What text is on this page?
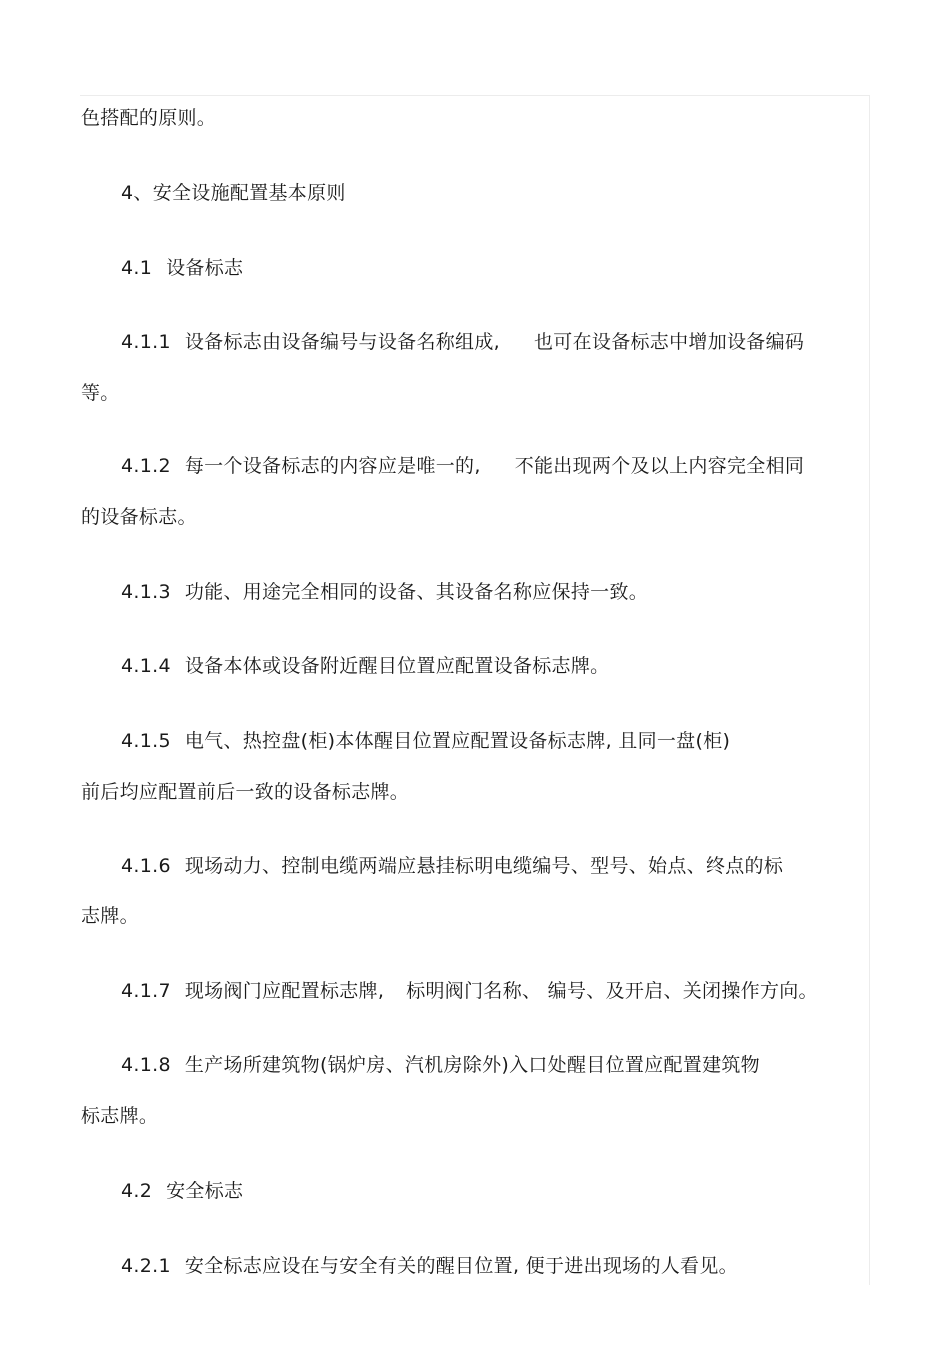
色搭配的原则。
4、安全设施配置基本原则
4.1 设备标志
4.1.1 设备标志由设备编号与设备名称组成, 也可在设备标志中增加设备编码
等。
4.1.2 每一个设备标志的内容应是唯一的, 不能出现两个及以上内容完全相同
的设备标志。
4.1.3 功能、用途完全相同的设备、其设备名称应保持一致。
4.1.4 设备本体或设备附近醒目位置应配置设备标志牌。
4.1.5 电气、热控盘(柜)本体醒目位置应配置设备标志牌, 且同一盘(柜)
前后均应配置前后一致的设备标志牌。
4.1.6 现场动力、控制电缆两端应悬挂标明电缆编号、型号、始点、终点的标
志牌。
4.1.7 现场阀门应配置标志牌, 标明阀门名称、 编号、及开启、关闭操作方向。
4.1.8 生产场所建筑物(锅炉房、汽机房除外)入口处醒目位置应配置建筑物
标志牌。
4.2 安全标志
4.2.1 安全标志应设在与安全有关的醒目位置, 便于进出现场的人看见。
